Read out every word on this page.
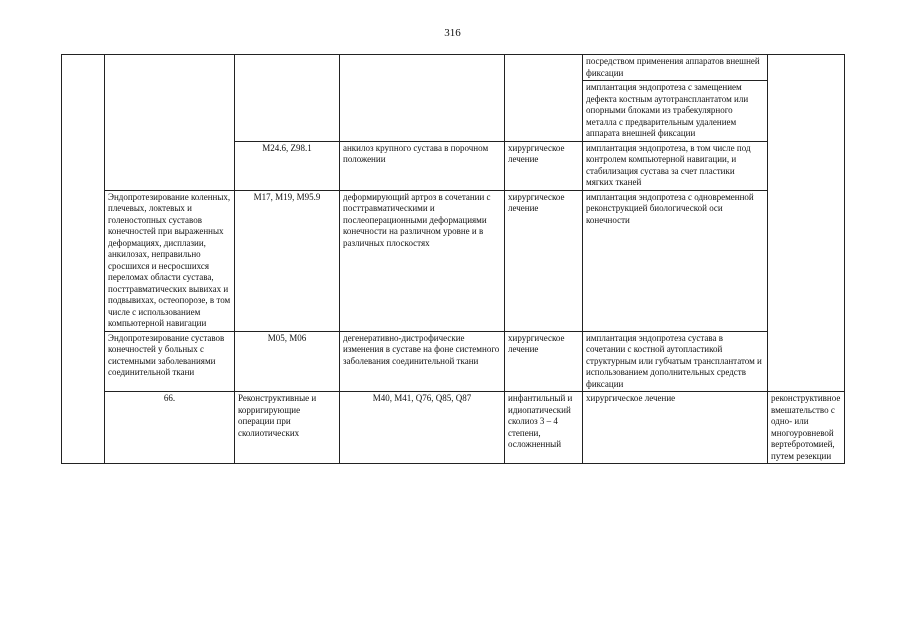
316
					посредством применения аппаратов внешней фиксации		
					имплантация эндопротеза с замещением дефекта костным аутотрансплантатом или опорными блоками из трабекулярного металла с предварительным удалением аппарата внешней фиксации		
		M24.6, Z98.1	анкилоз крупного сустава в порочном положении	хирургическое лечение	имплантация эндопротеза, в том числе под контролем компьютерной навигации, и стабилизация сустава за счет пластики мягких тканей		
	Эндопротезирование коленных, плечевых, локтевых и голеностопных суставов конечностей при выраженных деформациях, дисплазии, анкилозах, неправильно сросшихся и несросшихся переломах области сустава, посттравматических вывихах и подвывихах, остеопорозе, в том числе с использованием компьютерной навигации	M17, M19, M95.9	деформирующий артроз в сочетании с посттравматическими и послеоперационными деформациями конечности на различном уровне и в различных плоскостях	хирургическое лечение	имплантация эндопротеза с одновременной реконструкцией биологической оси конечности		
	Эндопротезирование суставов конечностей у больных с системными заболеваниями соединительной ткани	M05, M06	дегенеративно-дистрофические изменения в суставе на фоне системного заболевания соединительной ткани	хирургическое лечение	имплантация эндопротеза сустава в сочетании с костной аутопластикой структурным или губчатым трансплантатом и использованием дополнительных средств фиксации		
	66.	Реконструктивные и корригирующие операции при сколиотических	M40, M41, Q76, Q85, Q87	инфантильный и идиопатический сколиоз 3 – 4 степени, осложненный	хирургическое лечение	реконструктивное вмешательство с одно- или многоуровневой вертебротомией, путем резекции	
